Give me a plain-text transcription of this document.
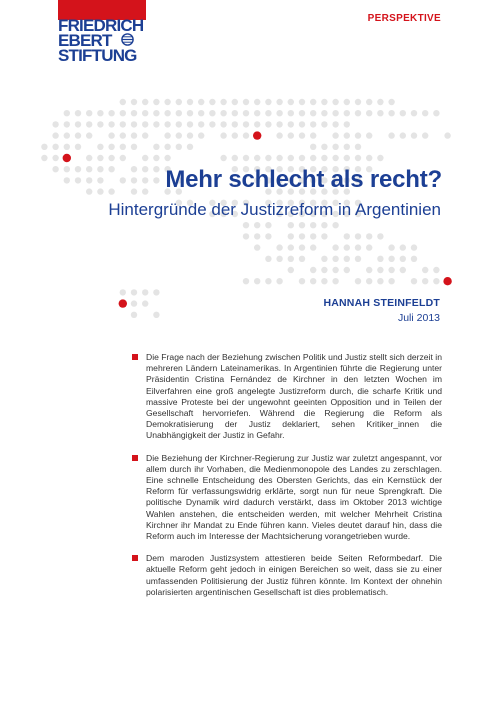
FRIEDRICH
EBERT
STIFTUNG
PERSPEKTIVE
Mehr schlecht als recht?
Hintergründe der Justizreform in Argentinien
HANNAH STEINFELDT
Juli 2013
Die Frage nach der Beziehung zwischen Politik und Justiz stellt sich derzeit in mehreren Ländern Lateinamerikas. In Argentinien führte die Regierung unter Präsidentin Cristina Fernández de Kirchner in den letzten Wochen im Eilverfahren eine groß angelegte Justizreform durch, die scharfe Kritik und massive Proteste bei der ungewohnt geeinten Opposition und in Teilen der Gesellschaft hervorriefen. Während die Regierung die Reform als Demokratisierung der Justiz deklariert, sehen Kritiker_innen die Unabhängigkeit der Justiz in Gefahr.
Die Beziehung der Kirchner-Regierung zur Justiz war zuletzt angespannt, vor allem durch ihr Vorhaben, die Medienmonopole des Landes zu zerschlagen. Eine schnelle Entscheidung des Obersten Gerichts, das ein Kernstück der Reform für verfassungswidrig erklärte, sorgt nun für neue Sprengkraft. Die politische Dynamik wird dadurch verstärkt, dass im Oktober 2013 wichtige Wahlen anstehen, die entscheiden werden, mit welcher Mehrheit Cristina Kirchner ihr Mandat zu Ende führen kann. Vieles deutet darauf hin, dass die Reform auch im Interesse der Machtsicherung vorangetrieben wurde.
Dem maroden Justizsystem attestieren beide Seiten Reformbedarf. Die aktuelle Reform geht jedoch in einigen Bereichen so weit, dass sie zu einer umfassenden Politisierung der Justiz führen könnte. Im Kontext der ohnehin polarisierten argentinischen Gesellschaft ist dies problematisch.
